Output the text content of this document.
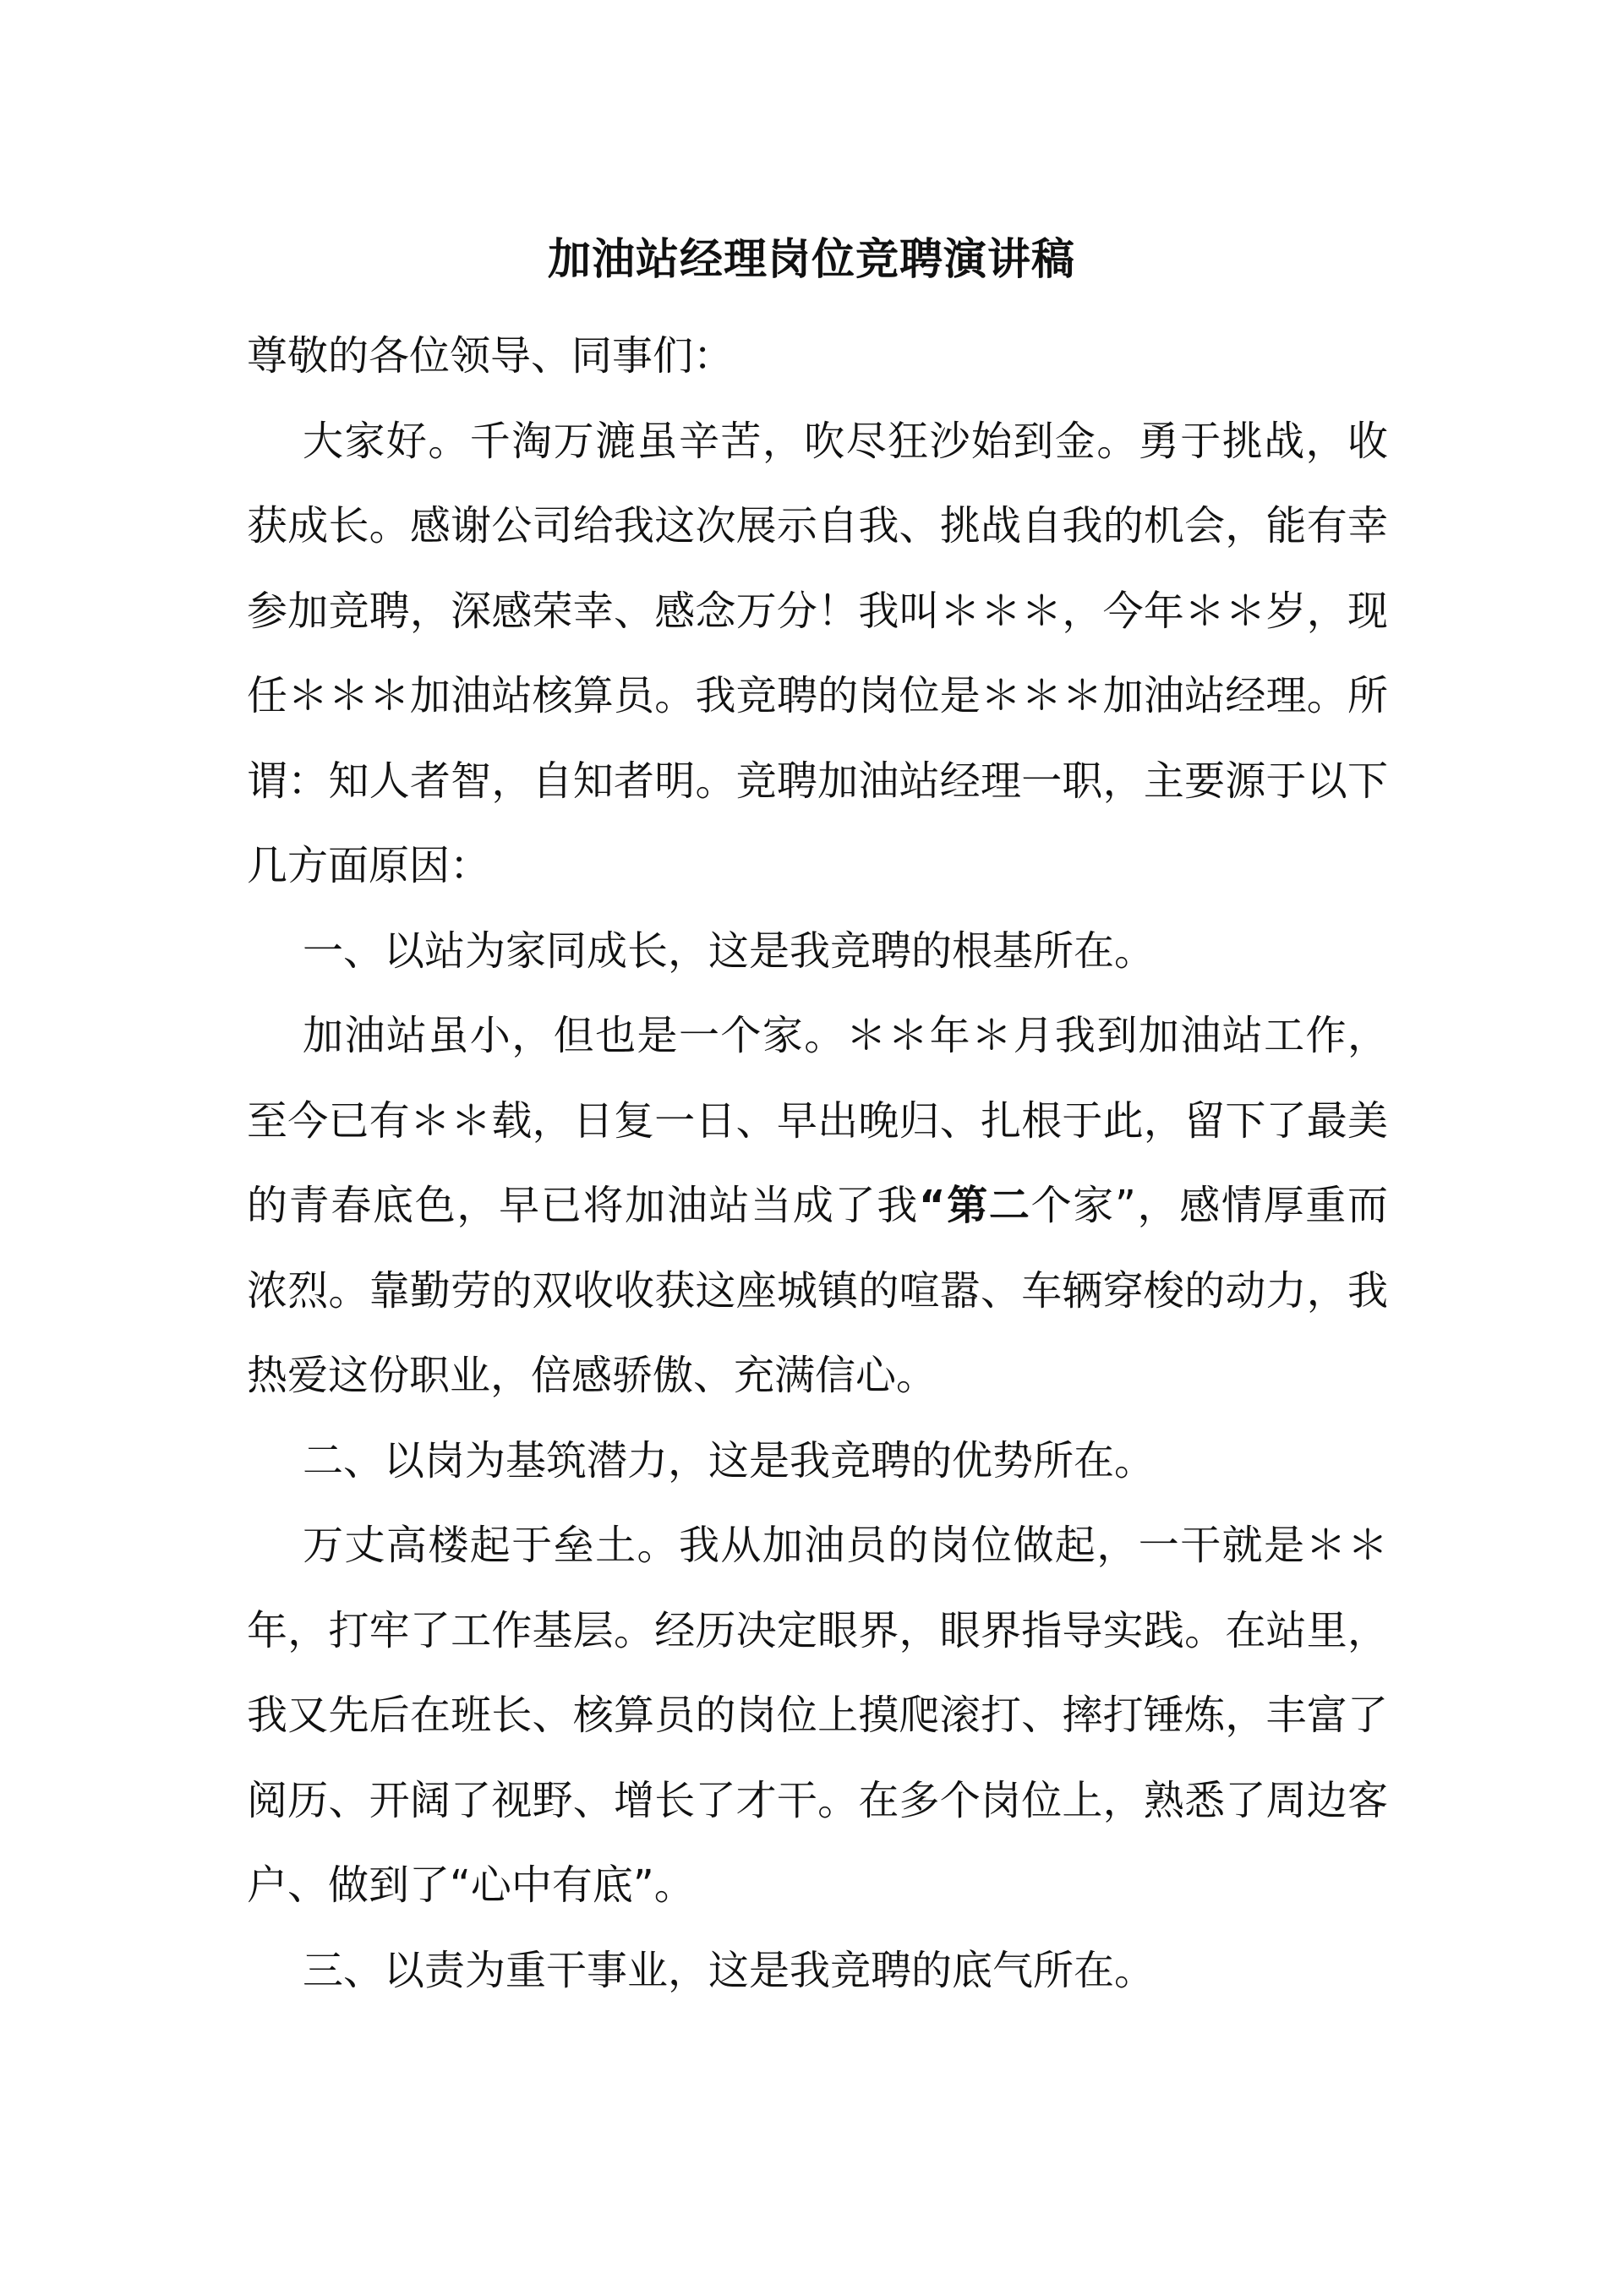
加油站经理岗位竞聘演讲稿

尊敬的各位领导、同事们：

大家好。千淘万漉虽辛苦，吹尽狂沙始到金。勇于挑战，收获成长。感谢公司给我这次展示自我、挑战自我的机会，能有幸参加竞聘，深感荣幸、感念万分！我叫＊＊＊，今年＊＊岁，现任＊＊＊加油站核算员。我竞聘的岗位是＊＊＊加油站经理。所谓：知人者智，自知者明。竞聘加油站经理一职，主要源于以下几方面原因：

一、以站为家同成长，这是我竞聘的根基所在。

加油站虽小，但也是一个家。＊＊年＊月我到加油站工作，至今已有＊＊载，日复一日、早出晚归、扎根于此，留下了最美的青春底色，早已将加油站当成了我“第二个家”，感情厚重而浓烈。靠勤劳的双收收获这座城镇的喧嚣、车辆穿梭的动力，我热爱这份职业，倍感骄傲、充满信心。

二、以岗为基筑潜力，这是我竞聘的优势所在。

万丈高楼起于垒土。我从加油员的岗位做起，一干就是＊＊年，打牢了工作基层。经历决定眼界，眼界指导实践。在站里，我又先后在班长、核算员的岗位上摸爬滚打、摔打锤炼，丰富了阅历、开阔了视野、增长了才干。在多个岗位上，熟悉了周边客户、做到了“心中有底”。

三、以责为重干事业，这是我竞聘的底气所在。
